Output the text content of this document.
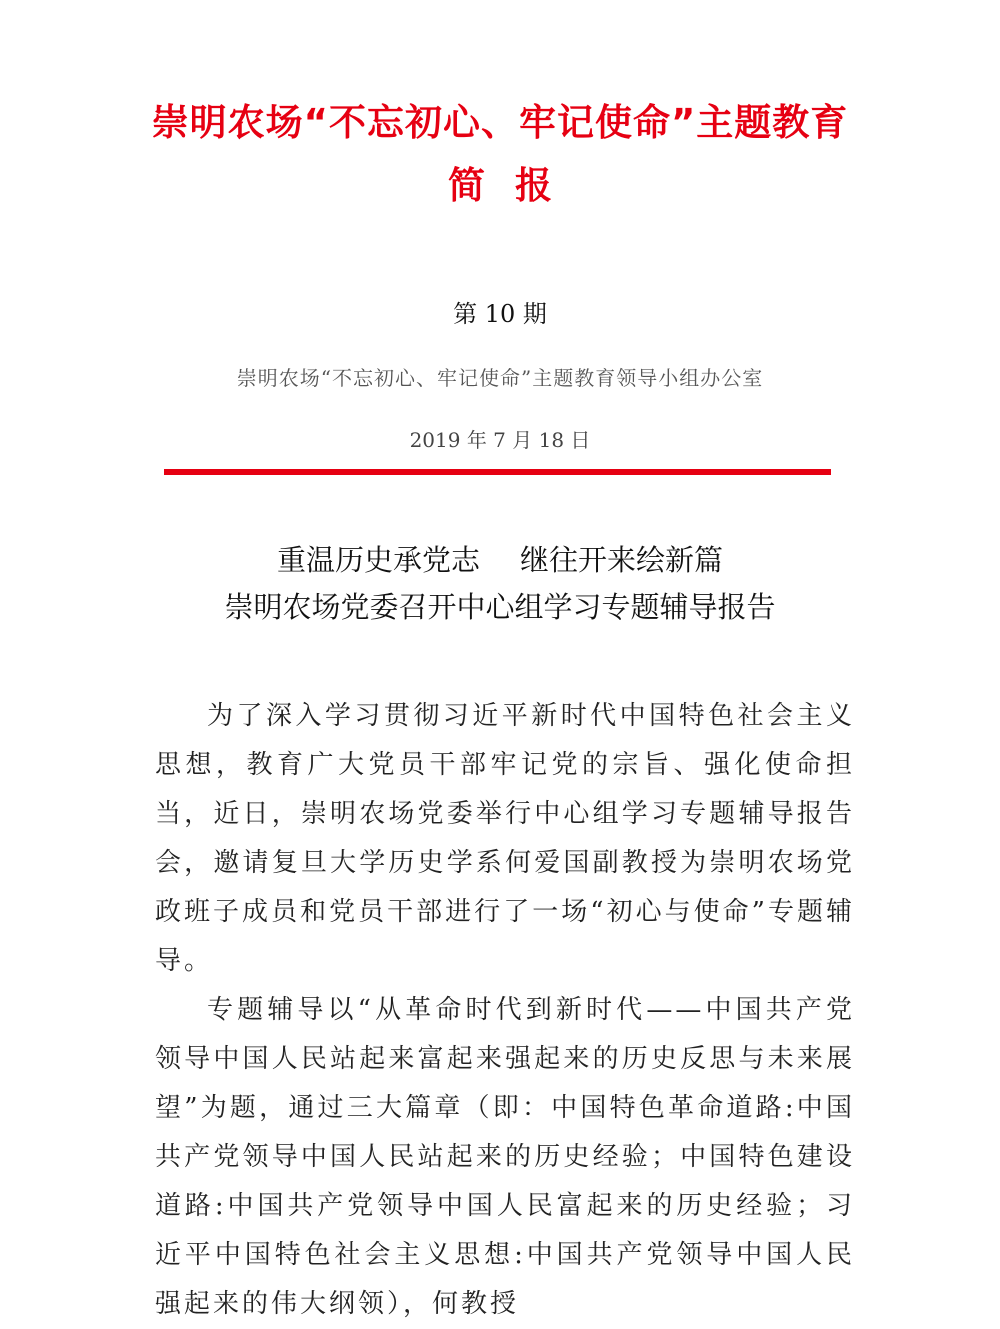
崇明农场“不忘初心、牢记使命”主题教育
简报
第 10 期
崇明农场“不忘初心、牢记使命”主题教育领导小组办公室
2019 年 7 月 18 日
重温历史承党志 继往开来绘新篇
崇明农场党委召开中心组学习专题辅导报告

为了深入学习贯彻习近平新时代中国特色社会主义思想，教育广大党员干部牢记党的宗旨、强化使命担当，近日，崇明农场党委举行中心组学习专题辅导报告会，邀请复旦大学历史学系何爱国副教授为崇明农场党政班子成员和党员干部进行了一场“初心与使命”专题辅导。

专题辅导以“从革命时代到新时代——中国共产党领导中国人民站起来富起来强起来的历史反思与未来展望”为题，通过三大篇章（即：中国特色革命道路:中国共产党领导中国人民站起来的历史经验；中国特色建设道路:中国共产党领导中国人民富起来的历史经验；习近平中国特色社会主义思想:中国共产党领导中国人民强起来的伟大纲领），何教授
